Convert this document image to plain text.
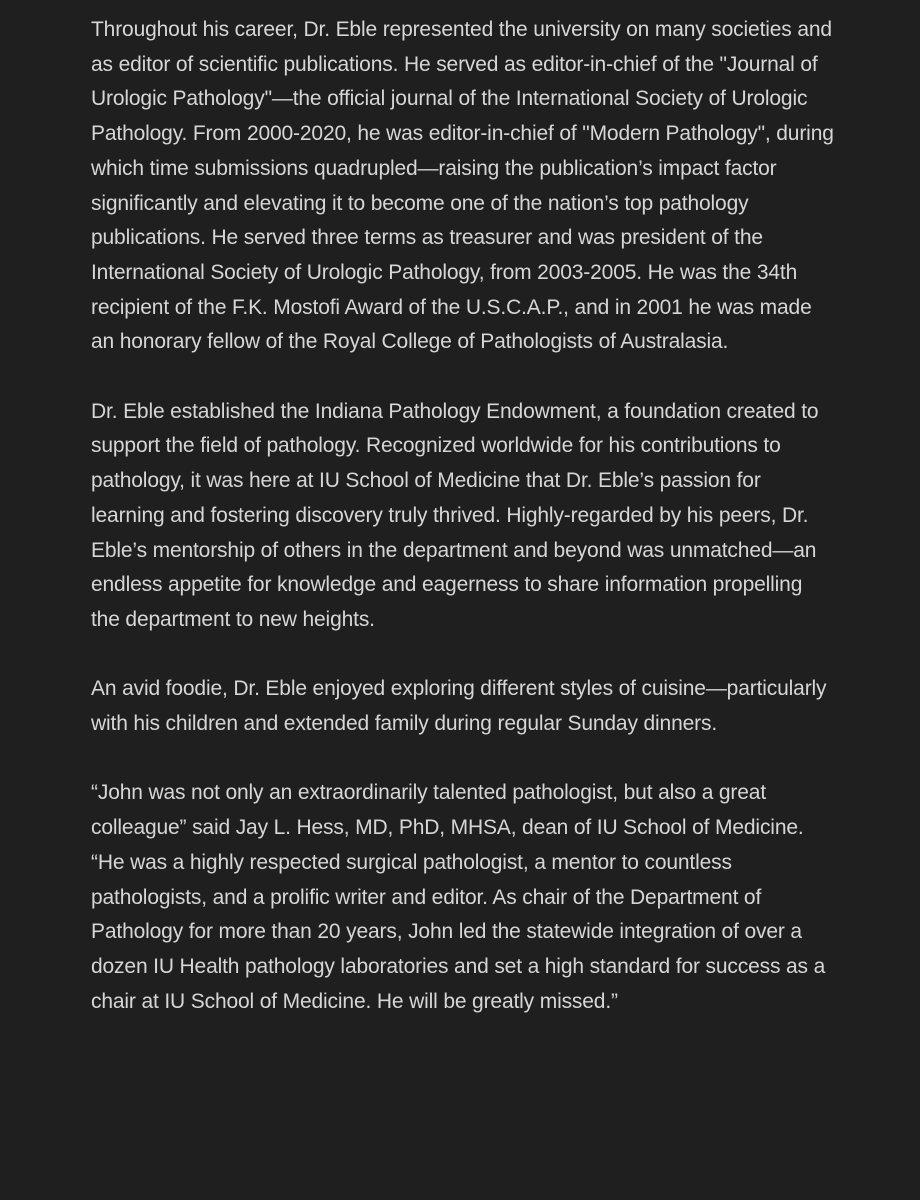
Throughout his career, Dr. Eble represented the university on many societies and as editor of scientific publications. He served as editor-in-chief of the "Journal of Urologic Pathology"—the official journal of the International Society of Urologic Pathology. From 2000-2020, he was editor-in-chief of "Modern Pathology", during which time submissions quadrupled—raising the publication’s impact factor significantly and elevating it to become one of the nation’s top pathology publications. He served three terms as treasurer and was president of the International Society of Urologic Pathology, from 2003-2005. He was the 34th recipient of the F.K. Mostofi Award of the U.S.C.A.P., and in 2001 he was made an honorary fellow of the Royal College of Pathologists of Australasia.

Dr. Eble established the Indiana Pathology Endowment, a foundation created to support the field of pathology. Recognized worldwide for his contributions to pathology, it was here at IU School of Medicine that Dr. Eble’s passion for learning and fostering discovery truly thrived. Highly-regarded by his peers, Dr. Eble’s mentorship of others in the department and beyond was unmatched—an endless appetite for knowledge and eagerness to share information propelling the department to new heights.

An avid foodie, Dr. Eble enjoyed exploring different styles of cuisine—particularly with his children and extended family during regular Sunday dinners.

“John was not only an extraordinarily talented pathologist, but also a great colleague” said Jay L. Hess, MD, PhD, MHSA, dean of IU School of Medicine. “He was a highly respected surgical pathologist, a mentor to countless pathologists, and a prolific writer and editor. As chair of the Department of Pathology for more than 20 years, John led the statewide integration of over a dozen IU Health pathology laboratories and set a high standard for success as a chair at IU School of Medicine. He will be greatly missed.”
